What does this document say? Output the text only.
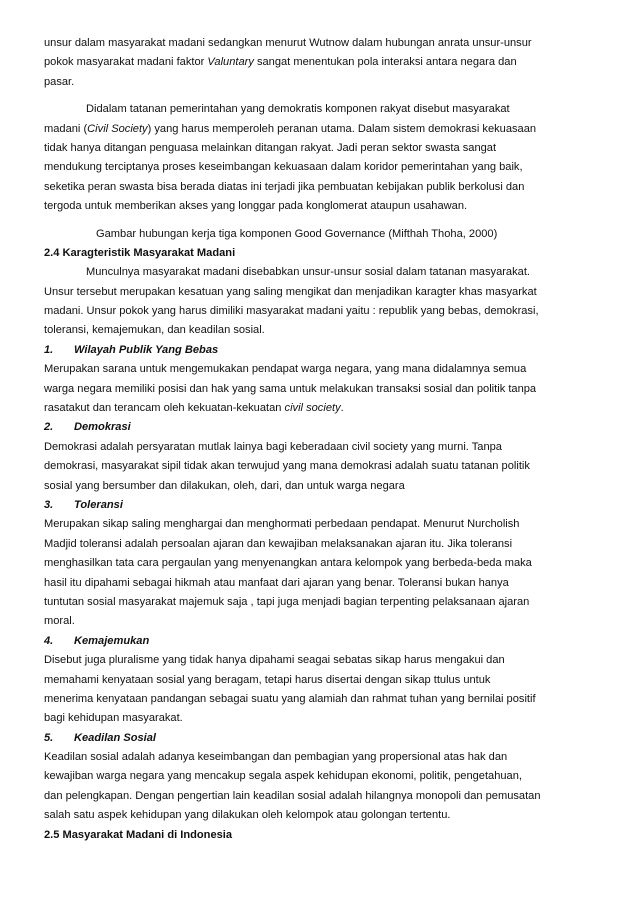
unsur dalam masyarakat madani sedangkan menurut Wutnow dalam hubungan anrata unsur-unsur
pokok masyarakat madani faktor Valuntary sangat menentukan pola interaksi antara negara dan
pasar.
Didalam tatanan pemerintahan yang demokratis komponen rakyat disebut masyarakat
madani (Civil Society) yang harus memperoleh peranan utama. Dalam sistem demokrasi kekuasaan
tidak hanya ditangan penguasa melainkan ditangan rakyat. Jadi peran sektor swasta sangat
mendukung terciptanya proses keseimbangan kekuasaan dalam koridor pemerintahan yang baik,
seketika peran swasta bisa berada diatas ini terjadi jika pembuatan kebijakan publik berkolusi dan
tergoda untuk memberikan akses yang longgar pada konglomerat ataupun usahawan.
Gambar hubungan kerja tiga komponen Good Governance (Mifthah Thoha, 2000)
2.4 Karagteristik Masyarakat Madani
Munculnya masyarakat madani disebabkan unsur-unsur sosial dalam tatanan masyarakat.
Unsur tersebut merupakan kesatuan yang saling mengikat dan menjadikan karagter khas masyarkat
madani. Unsur pokok yang harus dimiliki masyarakat madani yaitu : republik yang bebas, demokrasi,
toleransi, kemajemukan, dan keadilan sosial.
1. Wilayah Publik Yang Bebas
Merupakan sarana untuk mengemukakan pendapat warga negara, yang mana didalamnya semua
warga negara memiliki posisi dan hak yang sama untuk melakukan transaksi sosial dan politik tanpa
rasatakut dan terancam oleh kekuatan-kekuatan civil society.
2. Demokrasi
Demokrasi adalah persyaratan mutlak lainya bagi keberadaan civil society yang murni. Tanpa
demokrasi, masyarakat sipil tidak akan terwujud yang mana demokrasi adalah suatu tatanan politik
sosial yang bersumber dan dilakukan, oleh, dari, dan untuk warga negara
3. Toleransi
Merupakan sikap saling menghargai dan menghormati perbedaan pendapat. Menurut Nurcholish
Madjid toleransi adalah persoalan ajaran dan kewajiban melaksanakan ajaran itu. Jika toleransi
menghasilkan tata cara pergaulan yang menyenangkan antara kelompok yang berbeda-beda maka
hasil itu dipahami sebagai hikmah atau manfaat dari ajaran yang benar. Toleransi bukan hanya
tuntutan sosial masyarakat majemuk saja , tapi juga menjadi bagian terpenting pelaksanaan ajaran
moral.
4. Kemajemukan
Disebut juga pluralisme yang tidak hanya dipahami seagai sebatas sikap harus mengakui dan
memahami kenyataan sosial yang beragam, tetapi harus disertai dengan sikap ttulus untuk
menerima kenyataan pandangan sebagai suatu yang alamiah dan rahmat tuhan yang bernilai positif
bagi kehidupan masyarakat.
5. Keadilan Sosial
Keadilan sosial adalah adanya keseimbangan dan pembagian yang propersional atas hak dan
kewajiban warga negara yang mencakup segala aspek kehidupan ekonomi, politik, pengetahuan,
dan pelengkapan. Dengan pengertian lain keadilan sosial adalah hilangnya monopoli dan pemusatan
salah satu aspek kehidupan yang dilakukan oleh kelompok atau golongan tertentu.
2.5 Masyarakat Madani di Indonesia
